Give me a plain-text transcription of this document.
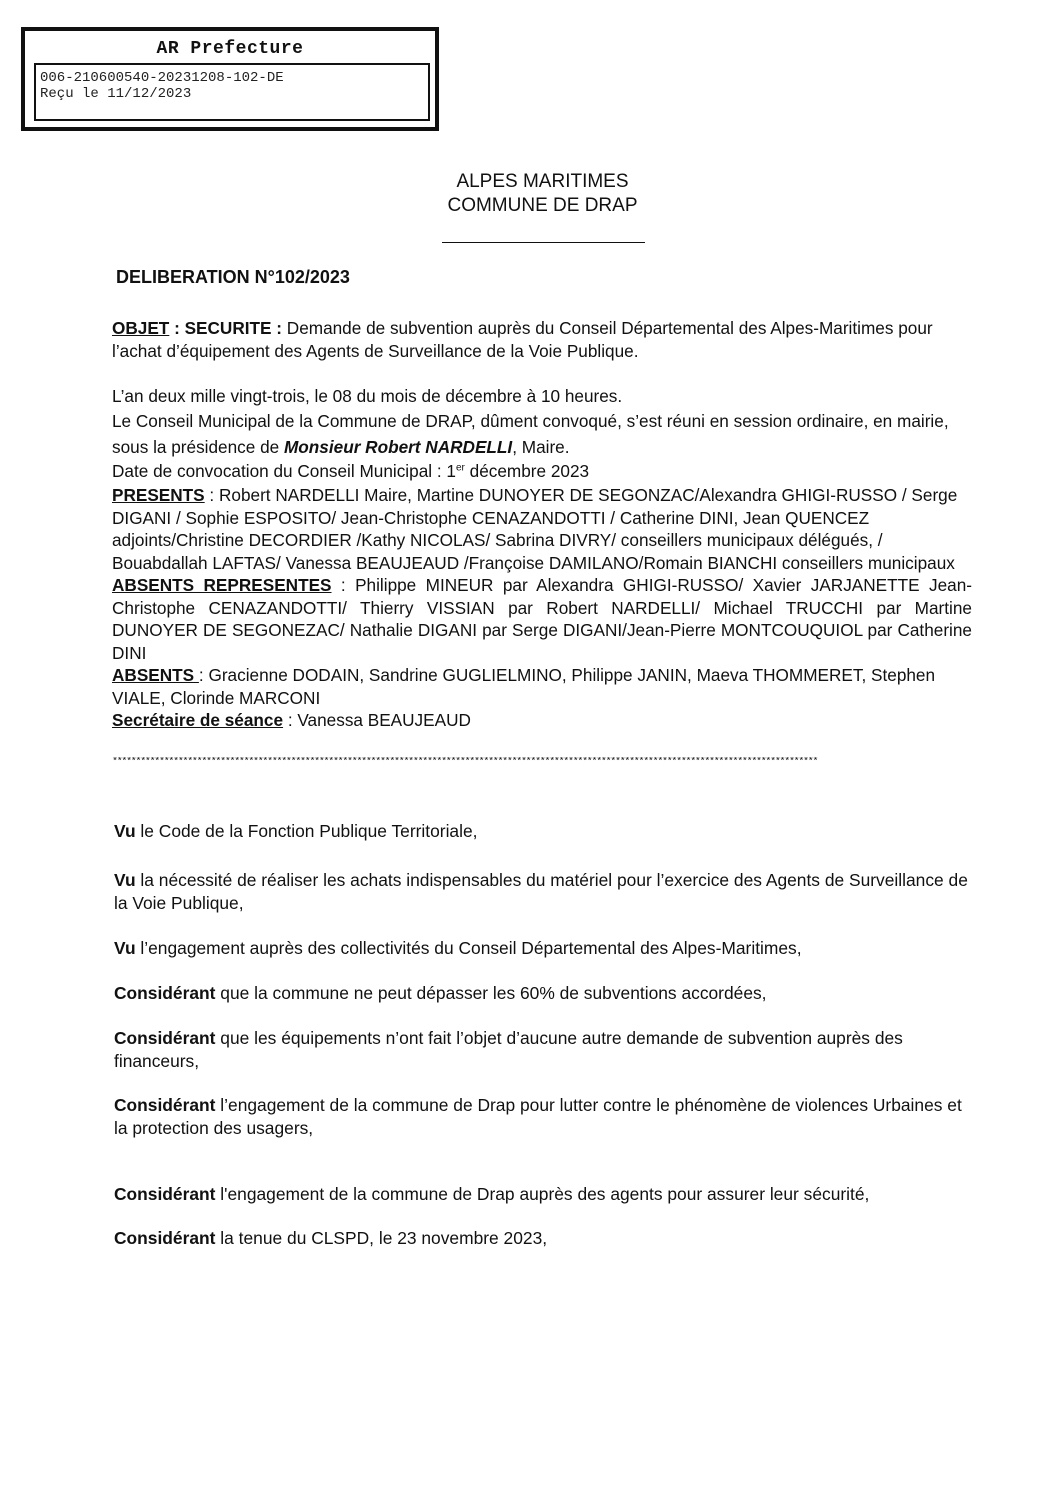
AR Prefecture
006-210600540-20231208-102-DE
Reçu le 11/12/2023
ALPES MARITIMES
COMMUNE DE DRAP
DELIBERATION N°102/2023
OBJET : SECURITE : Demande de subvention auprès du Conseil Départemental des Alpes-Maritimes pour l’achat d’équipement des Agents de Surveillance de la Voie Publique.
L’an deux mille vingt-trois, le 08 du mois de décembre à 10 heures.
Le Conseil Municipal de la Commune de DRAP, dûment convoqué, s’est réuni en session ordinaire, en mairie, sous la présidence de Monsieur Robert NARDELLI, Maire.
Date de convocation du Conseil Municipal : 1er décembre 2023
PRESENTS : Robert NARDELLI Maire, Martine DUNOYER DE SEGONZAC/Alexandra GHIGI-RUSSO / Serge DIGANI / Sophie ESPOSITO/ Jean-Christophe CENAZANDOTTI / Catherine DINI, Jean QUENCEZ adjoints/Christine DECORDIER /Kathy NICOLAS/ Sabrina DIVRY/ conseillers municipaux délégués, / Bouabdallah LAFTAS/ Vanessa BEAUJEAUD /Françoise DAMILANO/Romain BIANCHI conseillers municipaux
ABSENTS REPRESENTES : Philippe MINEUR par Alexandra GHIGI-RUSSO/ Xavier JARJANETTE Jean-Christophe CENAZANDOTTI/ Thierry VISSIAN par Robert NARDELLI/ Michael TRUCCHI par Martine DUNOYER DE SEGONEZAC/ Nathalie DIGANI par Serge DIGANI/Jean-Pierre MONTCOUQUIOL par Catherine DINI
ABSENTS : Gracienne DODAIN, Sandrine GUGLIELMINO, Philippe JANIN, Maeva THOMMERET, Stephen VIALE, Clorinde MARCONI
Secrétaire de séance : Vanessa BEAUJEAUD
******************************************************************************************************************************************************
Vu le Code de la Fonction Publique Territoriale,
Vu la nécessité de réaliser les achats indispensables du matériel pour l’exercice des Agents de Surveillance de la Voie Publique,
Vu l’engagement auprès des collectivités du Conseil Départemental des Alpes-Maritimes,
Considérant que la commune ne peut dépasser les 60% de subventions accordées,
Considérant que les équipements n’ont fait l’objet d’aucune autre demande de subvention auprès des financeurs,
Considérant l’engagement de la commune de Drap pour lutter contre le phénomène de violences Urbaines et la protection des usagers,
Considérant l'engagement de la commune de Drap auprès des agents pour assurer leur sécurité,
Considérant la tenue du CLSPD, le 23 novembre 2023,
